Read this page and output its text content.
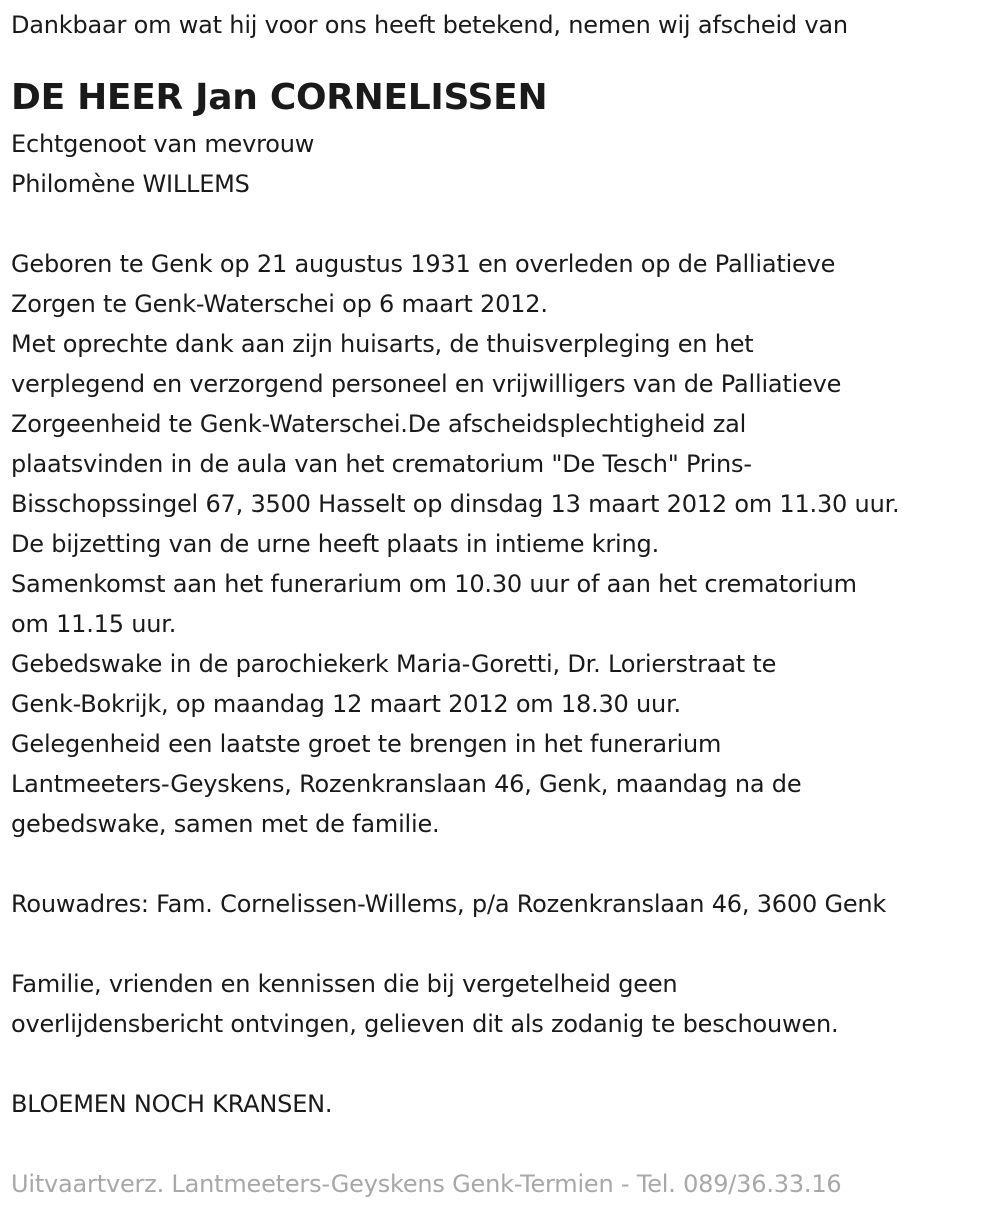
Dankbaar om wat hij voor ons heeft betekend, nemen wij afscheid van
DE HEER Jan CORNELISSEN
Echtgenoot van mevrouw
Philomène WILLEMS
Geboren te Genk op 21 augustus 1931 en overleden op de Palliatieve
Zorgen te Genk-Waterschei op 6 maart 2012.
Met oprechte dank aan zijn huisarts, de thuisverpleging en het
verplegend en verzorgend personeel en vrijwilligers van de Palliatieve
Zorgeenheid te Genk-Waterschei.De afscheidsplechtigheid zal
plaatsvinden in de aula van het crematorium "De Tesch" Prins-
Bisschopssingel 67, 3500 Hasselt op dinsdag 13 maart 2012 om 11.30 uur.
De bijzetting van de urne heeft plaats in intieme kring.
Samenkomst aan het funerarium om 10.30 uur of aan het crematorium
om 11.15 uur.
Gebedswake in de parochiekerk Maria-Goretti, Dr. Lorierstraat te
Genk-Bokrijk, op maandag 12 maart 2012 om 18.30 uur.
Gelegenheid een laatste groet te brengen in het funerarium
Lantmeeters-Geyskens, Rozenkranslaan 46, Genk, maandag na de
gebedswake, samen met de familie.
Rouwadres: Fam. Cornelissen-Willems, p/a Rozenkranslaan 46, 3600 Genk
Familie, vrienden en kennissen die bij vergetelheid geen
overlijdensbericht ontvingen, gelieven dit als zodanig te beschouwen.
BLOEMEN NOCH KRANSEN.
Uitvaartverz. Lantmeeters-Geyskens Genk-Termien - Tel. 089/36.33.16
